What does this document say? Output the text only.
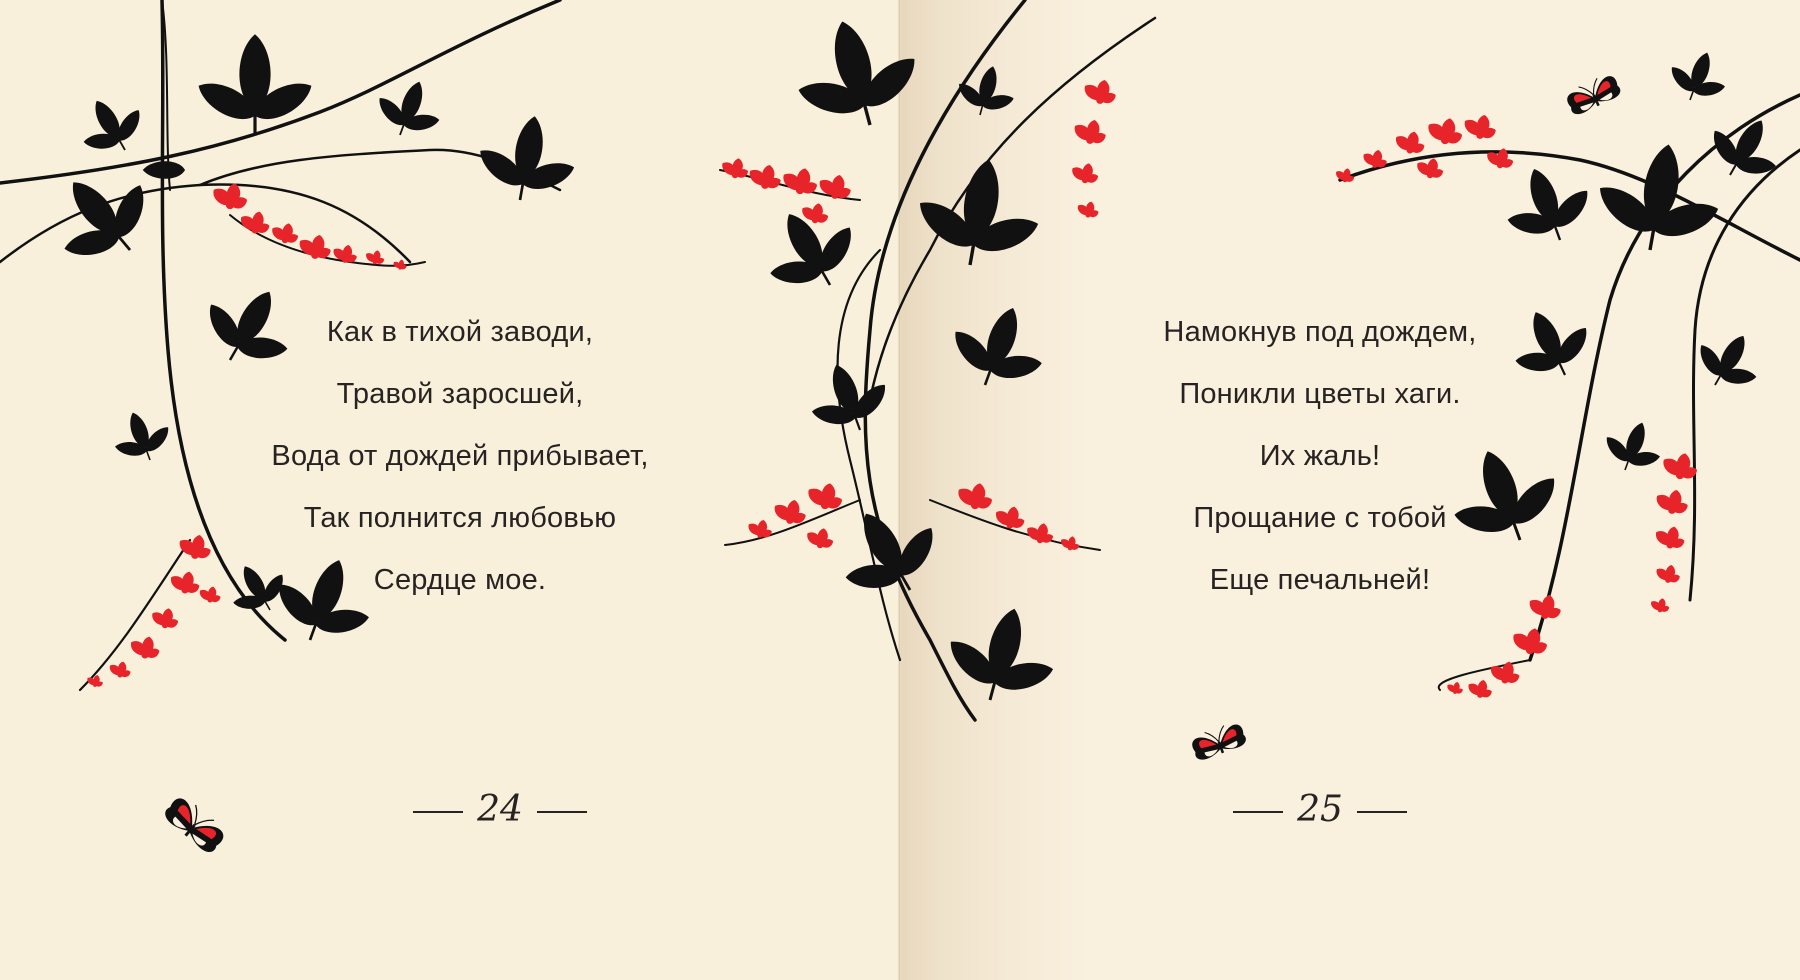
Как в тихой заводи,
Травой заросшей,
Вода от дождей прибывает,
Так полнится любовью
Сердце мое.
24
Намокнув под дождем,
Поникли цветы хаги.
Их жаль!
Прощание с тобой
Еще печальней!
25
